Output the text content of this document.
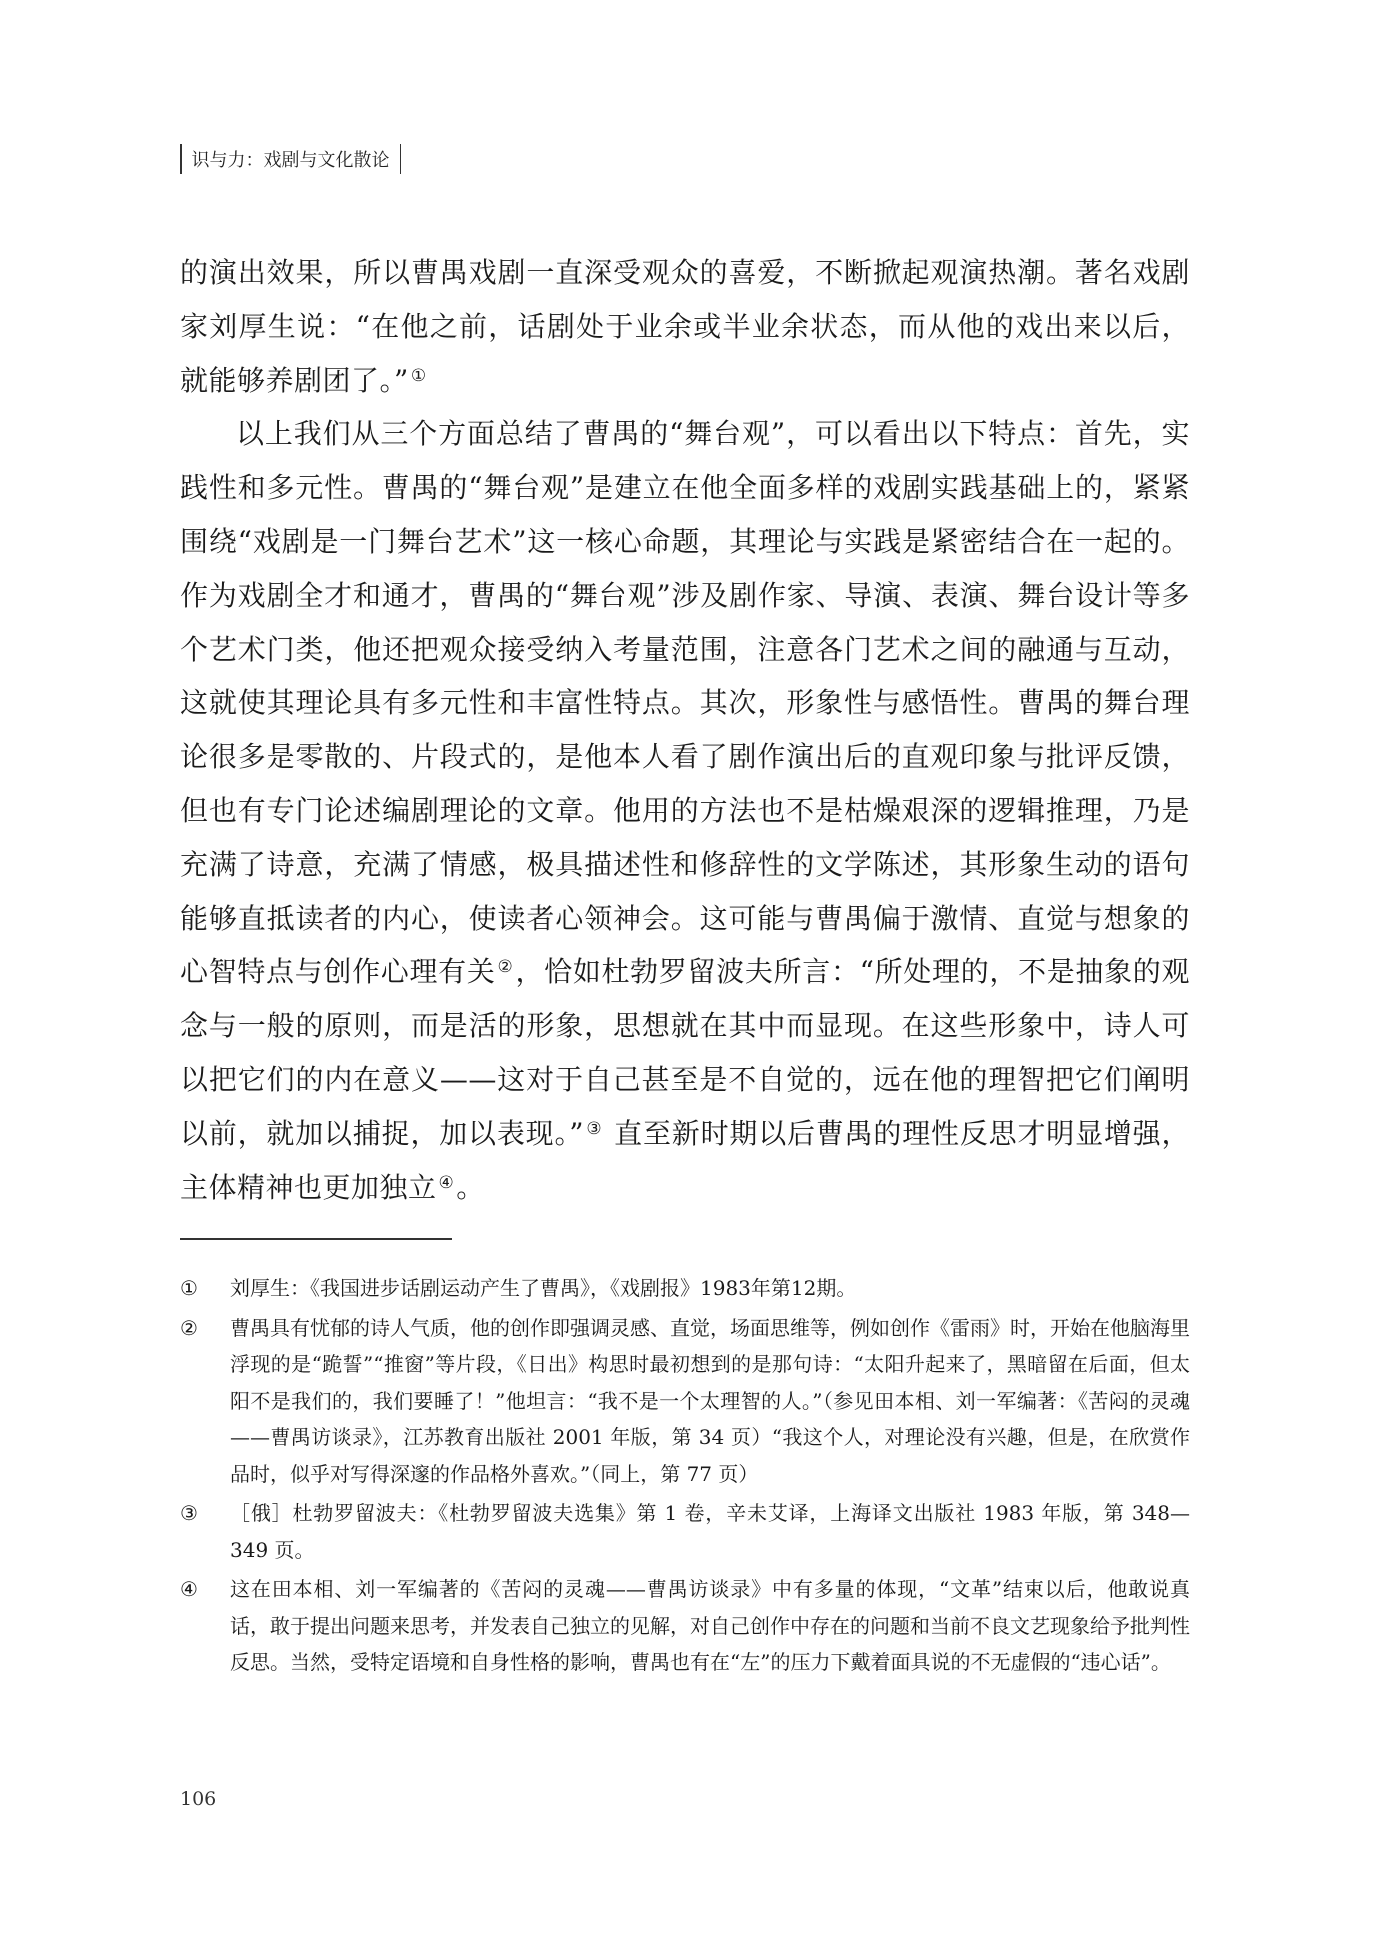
识与力：戏剧与文化散论

的演出效果，所以曹禺戏剧一直深受观众的喜爱，不断掀起观演热潮。著名戏剧家刘厚生说：“在他之前，话剧处于业余或半业余状态，而从他的戏出来以后，就能够养剧团了。” ①

以上我们从三个方面总结了曹禺的“舞台观”，可以看出以下特点：首先，实践性和多元性。曹禺的“舞台观”是建立在他全面多样的戏剧实践基础上的，紧紧围绕“戏剧是一门舞台艺术”这一核心命题，其理论与实践是紧密结合在一起的。作为戏剧全才和通才，曹禺的“舞台观”涉及剧作家、导演、表演、舞台设计等多个艺术门类，他还把观众接受纳入考量范围，注意各门艺术之间的融通与互动，这就使其理论具有多元性和丰富性特点。其次，形象性与感悟性。曹禺的舞台理论很多是零散的、片段式的，是他本人看了剧作演出后的直观印象与批评反馈，但也有专门论述编剧理论的文章。他用的方法也不是枯燥艰深的逻辑推理，乃是充满了诗意，充满了情感，极具描述性和修辞性的文学陈述，其形象生动的语句能够直抵读者的内心，使读者心领神会。这可能与曹禺偏于激情、直觉与想象的心智特点与创作心理有关 ②，恰如杜勃罗留波夫所言：“所处理的，不是抽象的观念与一般的原则，而是活的形象，思想就在其中而显现。在这些形象中，诗人可以把它们的内在意义——这对于自己甚至是不自觉的，远在他的理智把它们阐明以前，就加以捕捉，加以表现。” ③ 直至新时期以后曹禺的理性反思才明显增强，主体精神也更加独立 ④。

①	刘厚生：《我国进步话剧运动产生了曹禺》，《戏剧报》1983年第12期。
②	曹禺具有忧郁的诗人气质，他的创作即强调灵感、直觉，场面思维等，例如创作《雷雨》时，开始在他脑海里浮现的是“跪誓”“推窗”等片段，《日出》构思时最初想到的是那句诗：“太阳升起来了，黑暗留在后面，但太阳不是我们的，我们要睡了！”他坦言：“我不是一个太理智的人。”（参见田本相、刘一军编著：《苦闷的灵魂——曹禺访谈录》，江苏教育出版社 2001 年版，第 34 页）“我这个人，对理论没有兴趣，但是，在欣赏作品时，似乎对写得深邃的作品格外喜欢。”（同上，第 77 页）
③	［俄］杜勃罗留波夫：《杜勃罗留波夫选集》第 1 卷，辛未艾译，上海译文出版社 1983 年版，第 348—349 页。
④	这在田本相、刘一军编著的《苦闷的灵魂——曹禺访谈录》中有多量的体现，“文革”结束以后，他敢说真话，敢于提出问题来思考，并发表自己独立的见解，对自己创作中存在的问题和当前不良文艺现象给予批判性反思。当然，受特定语境和自身性格的影响，曹禺也有在“左”的压力下戴着面具说的不无虚假的“违心话”。
106
